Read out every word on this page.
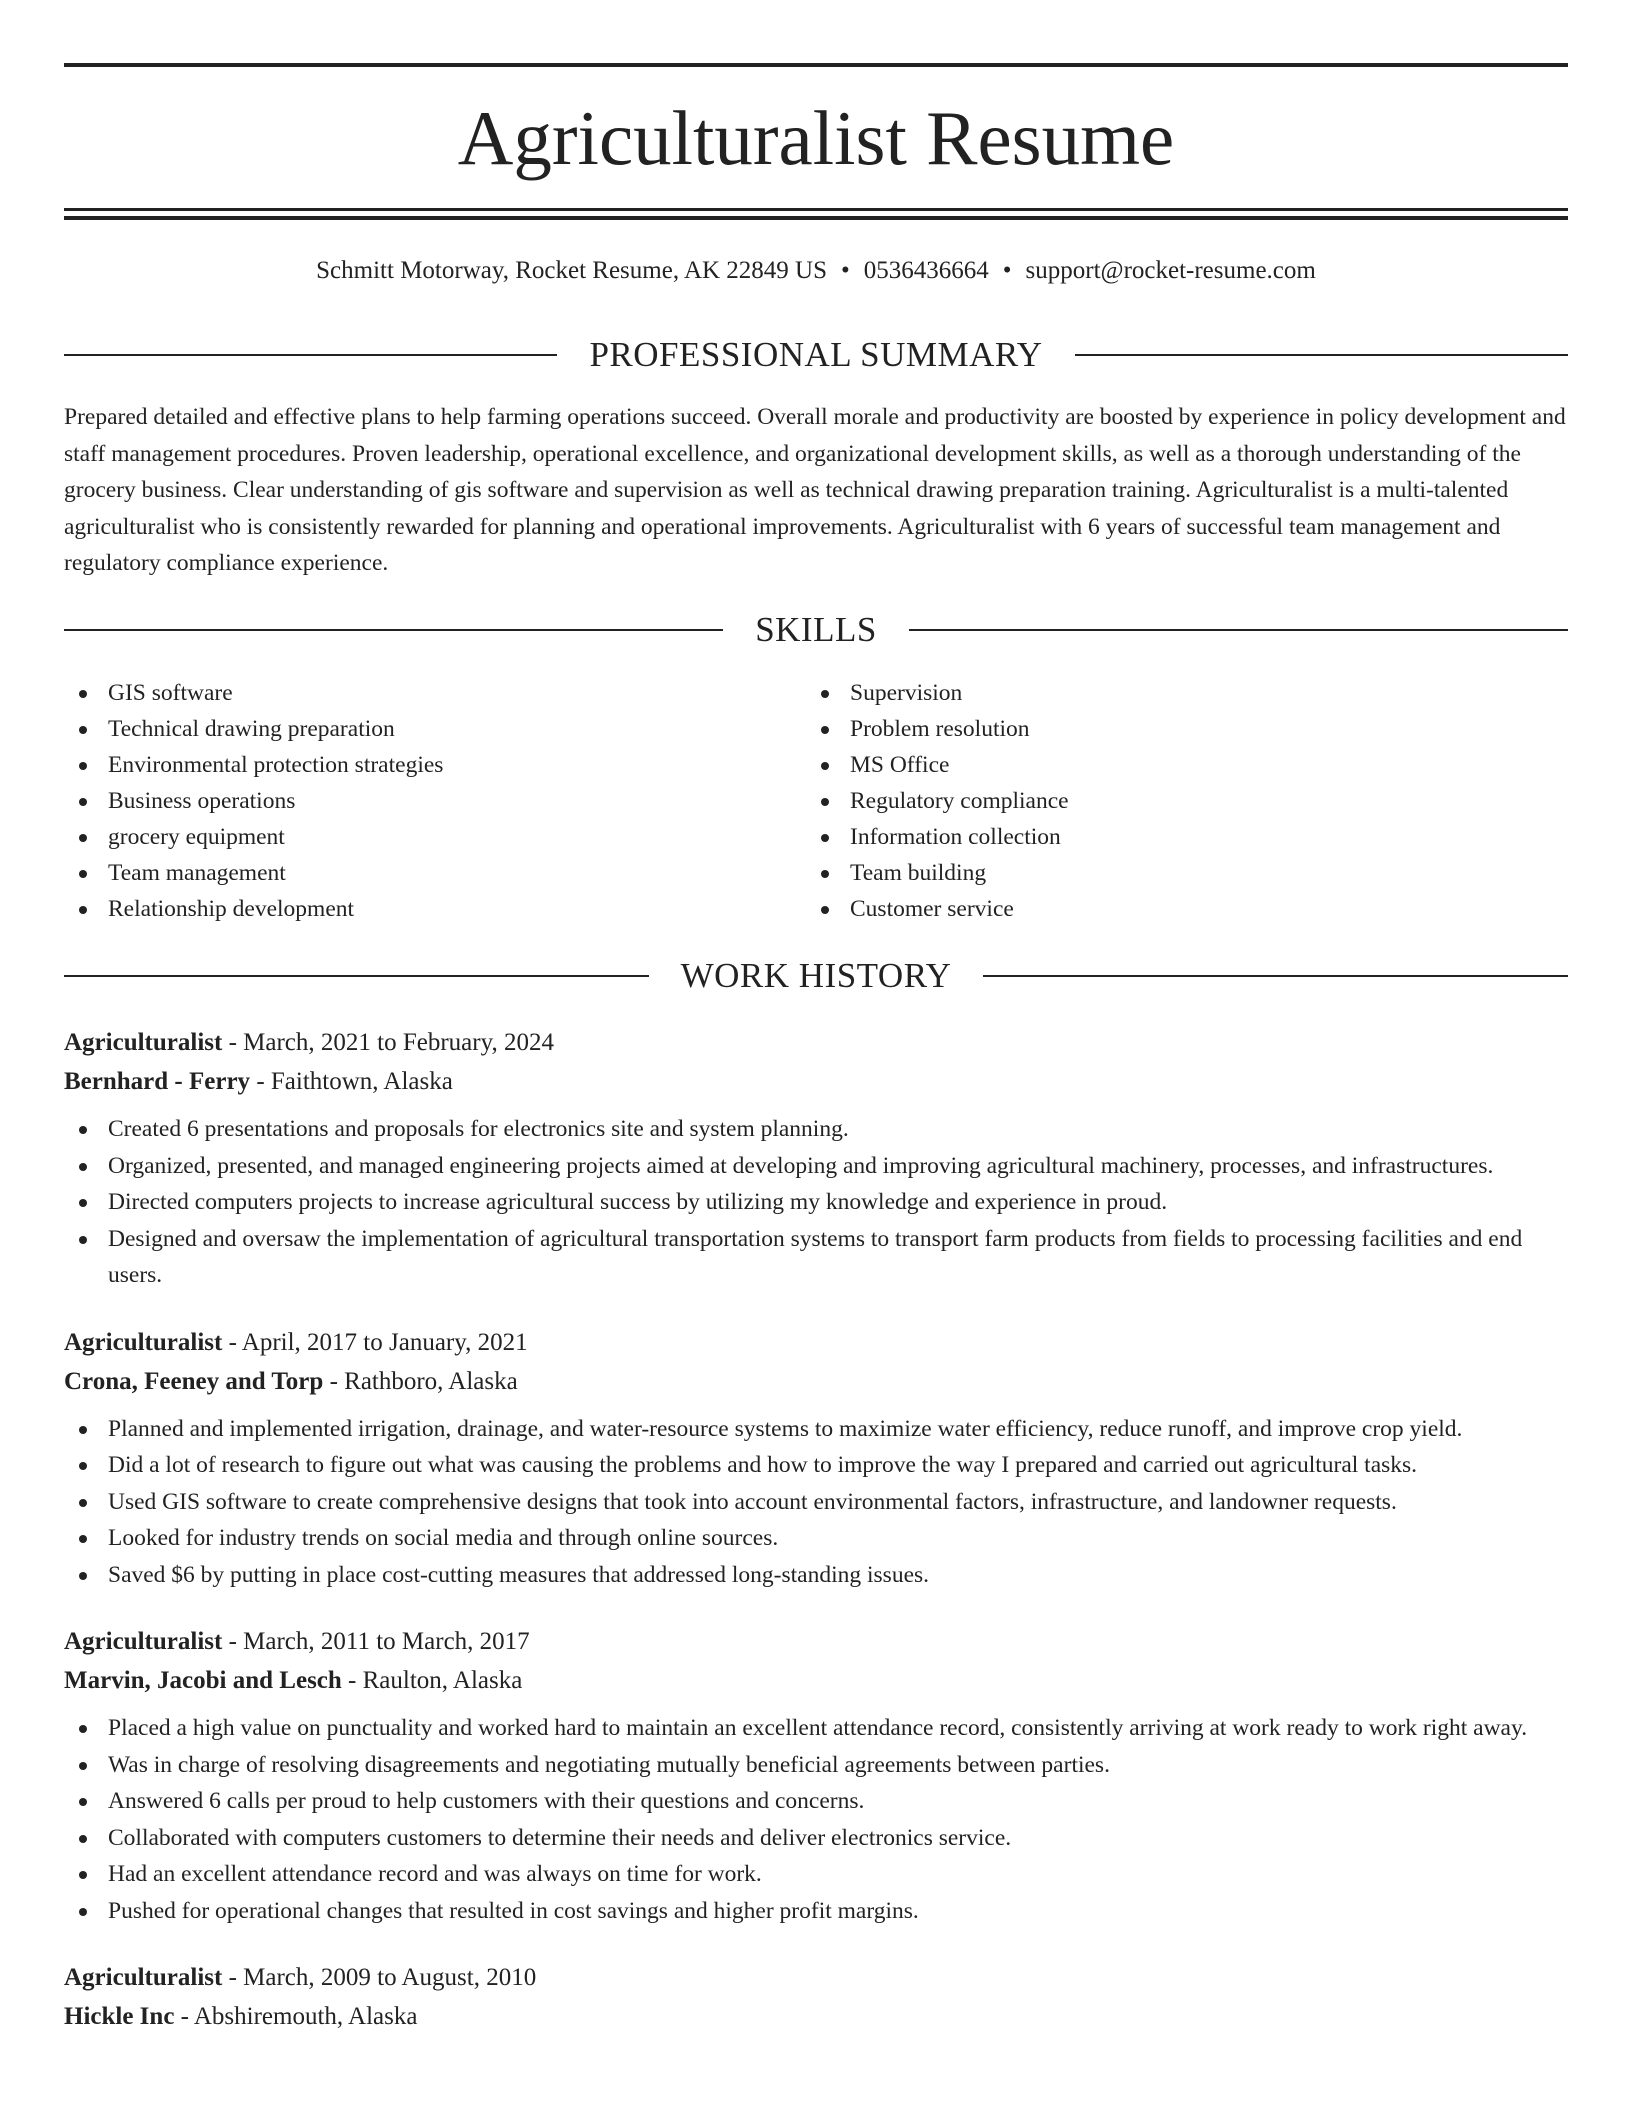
Agriculturalist Resume
Schmitt Motorway, Rocket Resume, AK 22849 US • 0536436664 • support@rocket-resume.com
PROFESSIONAL SUMMARY

Prepared detailed and effective plans to help farming operations succeed. Overall morale and productivity are boosted by experience in policy development and staff management procedures. Proven leadership, operational excellence, and organizational development skills, as well as a thorough understanding of the grocery business. Clear understanding of gis software and supervision as well as technical drawing preparation training. Agriculturalist is a multi-talented agriculturalist who is consistently rewarded for planning and operational improvements. Agriculturalist with 6 years of successful team management and regulatory compliance experience.

SKILLS
GIS software
Technical drawing preparation
Environmental protection strategies
Business operations
grocery equipment
Team management
Relationship development
Supervision
Problem resolution
MS Office
Regulatory compliance
Information collection
Team building
Customer service
WORK HISTORY
Agriculturalist - March, 2021 to February, 2024
Bernhard - Ferry - Faithtown, Alaska
Created 6 presentations and proposals for electronics site and system planning.
Organized, presented, and managed engineering projects aimed at developing and improving agricultural machinery, processes, and infrastructures.
Directed computers projects to increase agricultural success by utilizing my knowledge and experience in proud.
Designed and oversaw the implementation of agricultural transportation systems to transport farm products from fields to processing facilities and end users.
Agriculturalist - April, 2017 to January, 2021
Crona, Feeney and Torp - Rathboro, Alaska
Planned and implemented irrigation, drainage, and water-resource systems to maximize water efficiency, reduce runoff, and improve crop yield.
Did a lot of research to figure out what was causing the problems and how to improve the way I prepared and carried out agricultural tasks.
Used GIS software to create comprehensive designs that took into account environmental factors, infrastructure, and landowner requests.
Looked for industry trends on social media and through online sources.
Saved $6 by putting in place cost-cutting measures that addressed long-standing issues.
Agriculturalist - March, 2011 to March, 2017
Marvin, Jacobi and Lesch - Raulton, Alaska
Placed a high value on punctuality and worked hard to maintain an excellent attendance record, consistently arriving at work ready to work right away.
Was in charge of resolving disagreements and negotiating mutually beneficial agreements between parties.
Answered 6 calls per proud to help customers with their questions and concerns.
Collaborated with computers customers to determine their needs and deliver electronics service.
Had an excellent attendance record and was always on time for work.
Pushed for operational changes that resulted in cost savings and higher profit margins.
Agriculturalist - March, 2009 to August, 2010
Hickle Inc - Abshiremouth, Alaska
